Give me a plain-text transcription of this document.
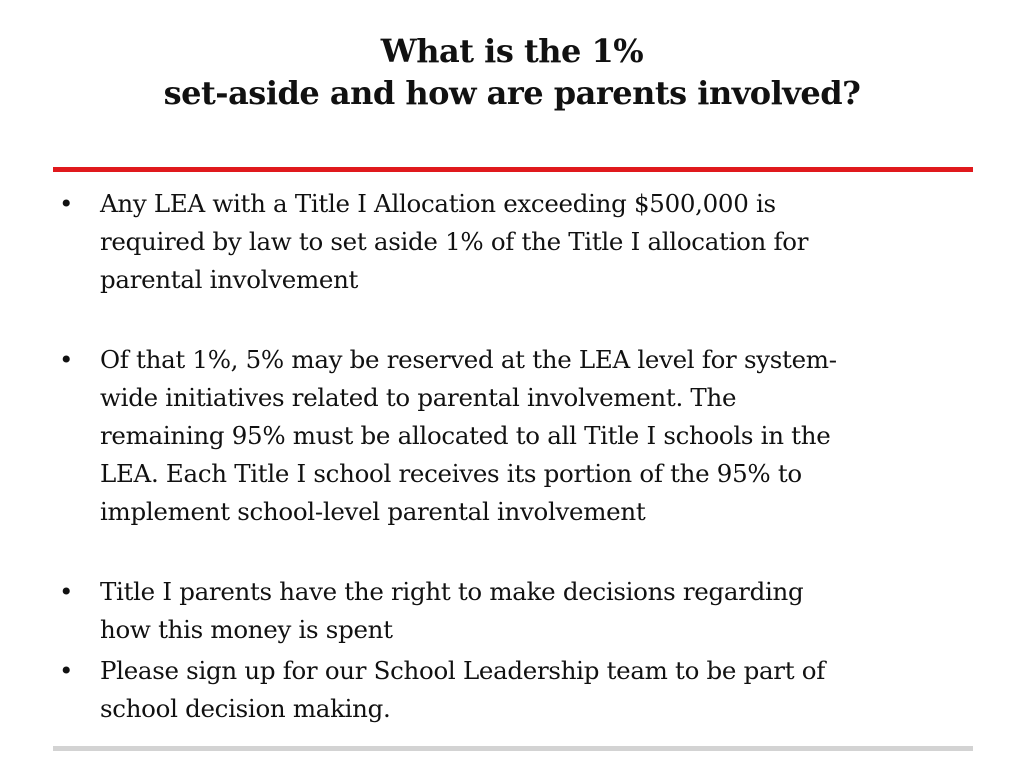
What is the 1%
set-aside and how are parents involved?
• Any LEA with a Title I Allocation exceeding $500,000 is
required by law to set aside 1% of the Title I allocation for
parental involvement
• Of that 1%, 5% may be reserved at the LEA level for system-
wide initiatives related to parental involvement. The
remaining 95% must be allocated to all Title I schools in the
LEA. Each Title I school receives its portion of the 95% to
implement school-level parental involvement
• Title I parents have the right to make decisions regarding
how this money is spent
• Please sign up for our School Leadership team to be part of
school decision making.
